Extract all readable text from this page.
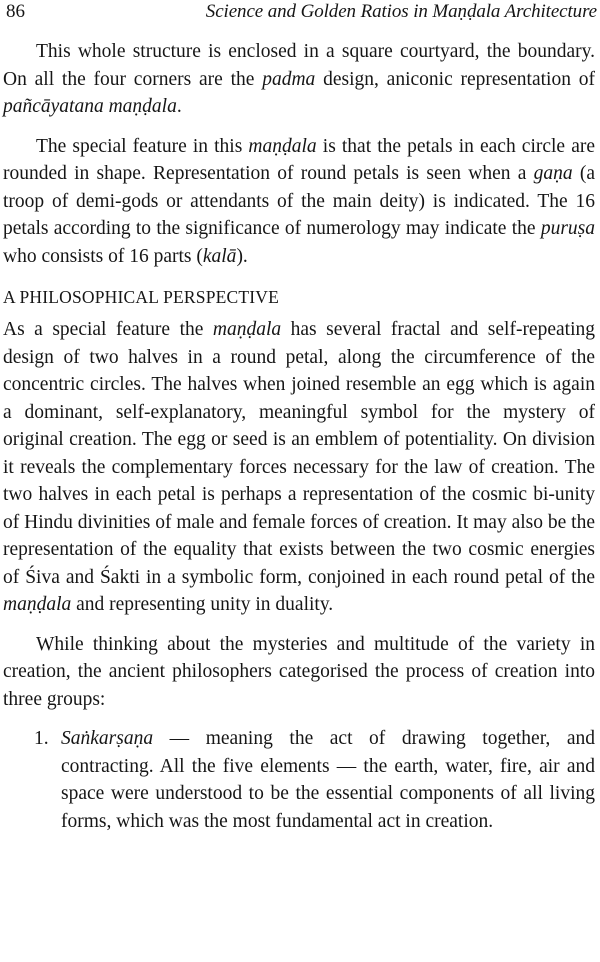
86	Science and Golden Ratios in Maṇḍala Architecture

This whole structure is enclosed in a square courtyard, the boundary. On all the four corners are the padma design, aniconic representation of pañcāyatana maṇḍala.

The special feature in this maṇḍala is that the petals in each circle are rounded in shape. Representation of round petals is seen when a gaṇa (a troop of demi-gods or attendants of the main deity) is indicated. The 16 petals according to the significance of numerology may indicate the puruṣa who consists of 16 parts (kalā).

A PHILOSOPHICAL PERSPECTIVE

As a special feature the maṇḍala has several fractal and self-repeating design of two halves in a round petal, along the circumference of the concentric circles. The halves when joined resemble an egg which is again a dominant, self-explanatory, meaningful symbol for the mystery of original creation. The egg or seed is an emblem of potentiality. On division it reveals the complementary forces necessary for the law of creation. The two halves in each petal is perhaps a representation of the cosmic bi-unity of Hindu divinities of male and female forces of creation. It may also be the representation of the equality that exists between the two cosmic energies of Śiva and Śakti in a symbolic form, conjoined in each round petal of the maṇḍala and representing unity in duality.

While thinking about the mysteries and multitude of the variety in creation, the ancient philosophers categorised the process of creation into three groups:

1. Saṅkarṣaṇa — meaning the act of drawing together, and contracting. All the five elements — the earth, water, fire, air and space were understood to be the essential components of all living forms, which was the most fundamental act in creation.
